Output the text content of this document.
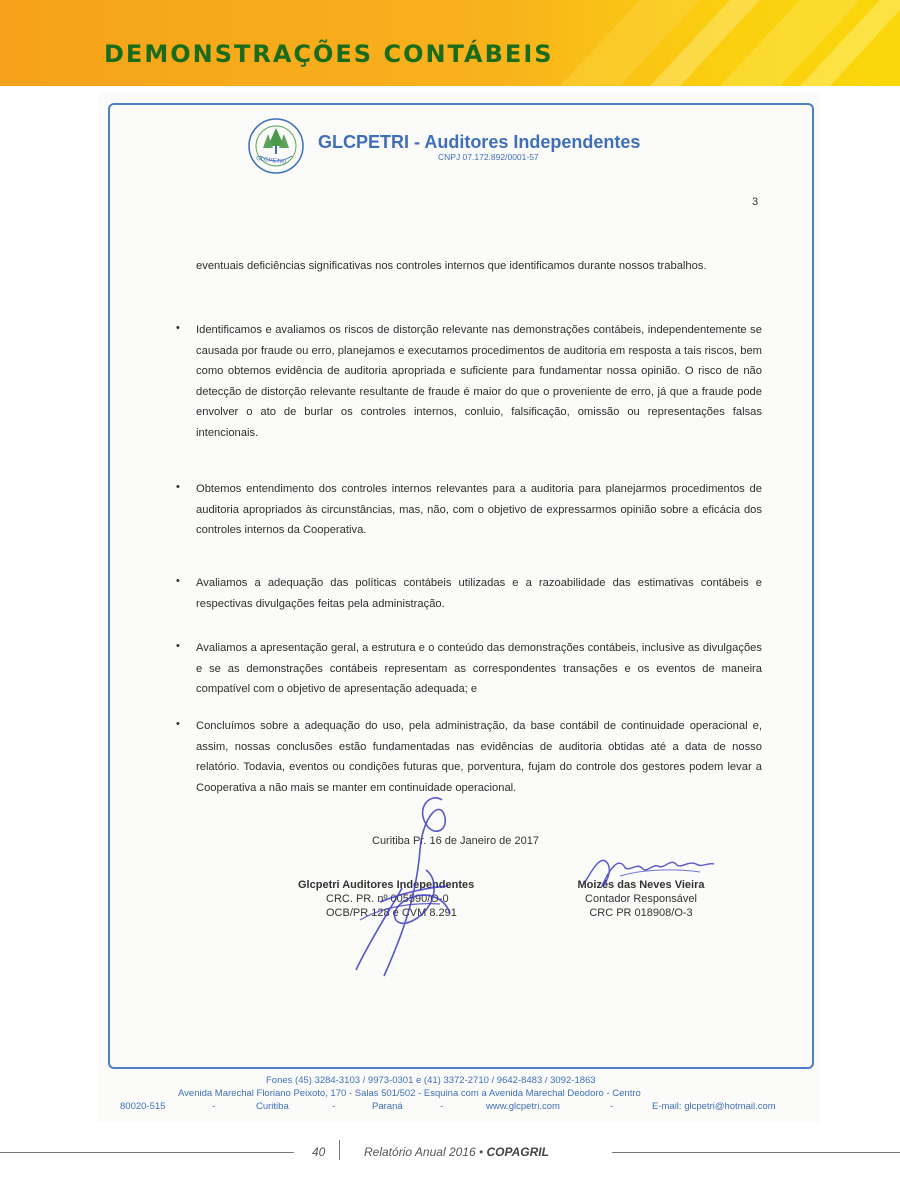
DEMONSTRAÇÕES CONTÁBEIS
GLCPETRI
GLCPETRI - Auditores Independentes
CNPJ 07.172.892/0001-57
3

eventuais deficiências significativas nos controles internos que identificamos durante nossos trabalhos.

• Identificamos e avaliamos os riscos de distorção relevante nas demonstrações contábeis, independentemente se causada por fraude ou erro, planejamos e executamos procedimentos de auditoria em resposta a tais riscos, bem como obtemos evidência de auditoria apropriada e suficiente para fundamentar nossa opinião. O risco de não detecção de distorção relevante resultante de fraude é maior do que o proveniente de erro, já que a fraude pode envolver o ato de burlar os controles internos, conluio, falsificação, omissão ou representações falsas intencionais.

• Obtemos entendimento dos controles internos relevantes para a auditoria para planejarmos procedimentos de auditoria apropriados às circunstâncias, mas, não, com o objetivo de expressarmos opinião sobre a eficácia dos controles internos da Cooperativa.

• Avaliamos a adequação das políticas contábeis utilizadas e a razoabilidade das estimativas contábeis e respectivas divulgações feitas pela administração.

• Avaliamos a apresentação geral, a estrutura e o conteúdo das demonstrações contábeis, inclusive as divulgações e se as demonstrações contábeis representam as correspondentes transações e os eventos de maneira compatível com o objetivo de apresentação adequada; e

• Concluímos sobre a adequação do uso, pela administração, da base contábil de continuidade operacional e, assim, nossas conclusões estão fundamentadas nas evidências de auditoria obtidas até a data de nosso relatório. Todavia, eventos ou condições futuras que, porventura, fujam do controle dos gestores podem levar a Cooperativa a não mais se manter em continuidade operacional.

Curitiba Pr. 16 de Janeiro de 2017
Glcpetri Auditores Independentes
CRC. PR. nº 005590/O-0
OCB/PR 128 e CVM 8.291
Moizés das Neves Vieira
Contador Responsável
CRC PR 018908/O-3
Fones (45) 3284-3103 / 9973-0301 e (41) 3372-2710 / 9642-8483 / 3092-1863
Avenida Marechal Floriano Peixoto, 170 - Salas 501/502 - Esquina com a Avenida Marechal Deodoro - Centro
80020-515	-	Curitiba	-	Paraná	-	www.glcpetri.com	-	E-mail: glcpetri@hotmail.com
40	Relatório Anual 2016 • COPAGRIL
